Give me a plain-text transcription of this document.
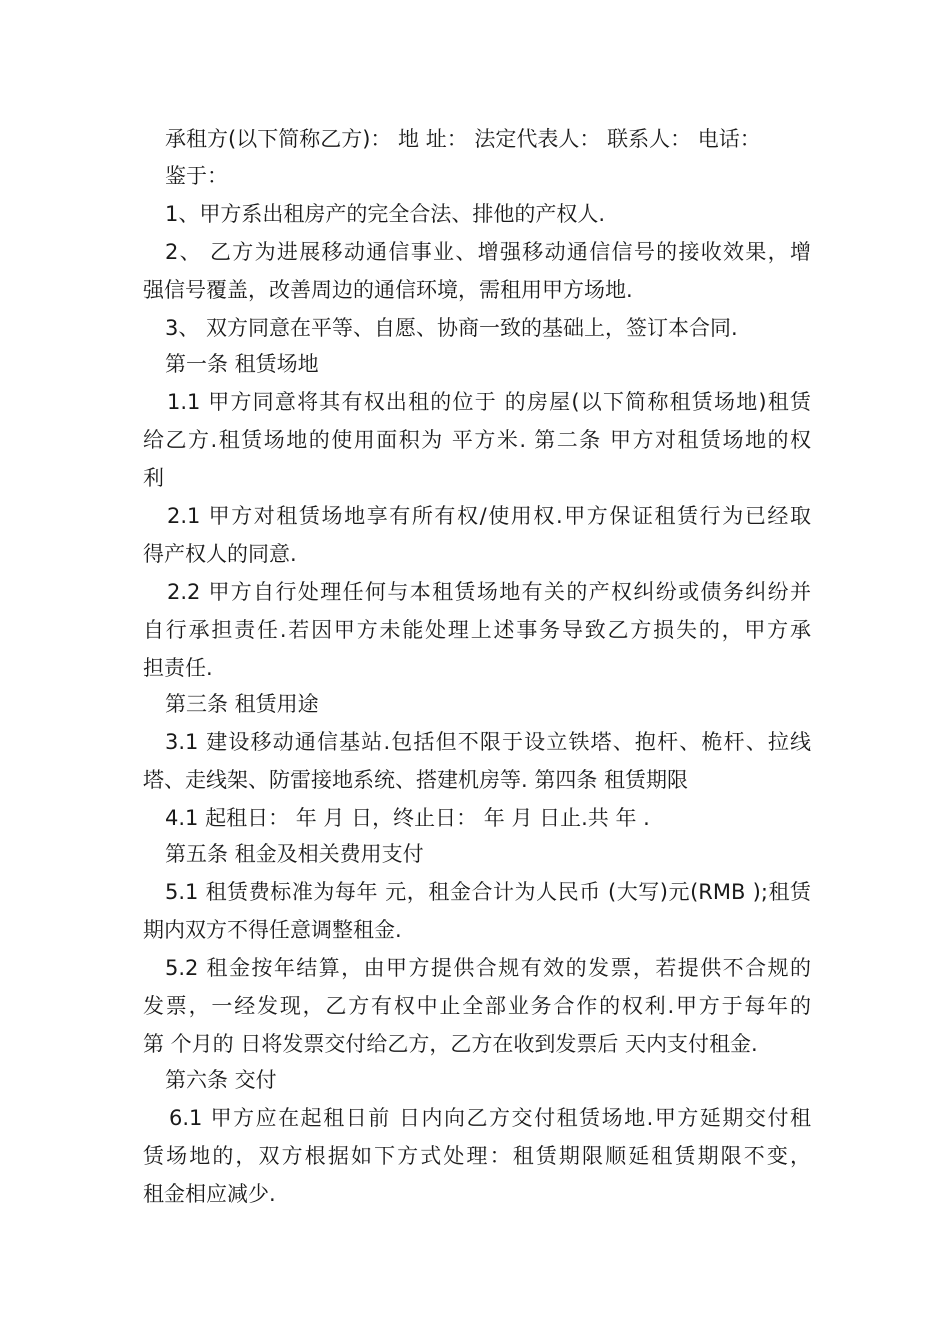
承租方(以下简称乙方)： 地 址： 法定代表人： 联系人： 电话：
鉴于：
1、甲方系出租房产的完全合法、排他的产权人.
2、 乙方为进展移动通信事业、增强移动通信信号的接收效果，增
强信号覆盖，改善周边的通信环境，需租用甲方场地.
3、 双方同意在平等、自愿、协商一致的基础上，签订本合同.
第一条 租赁场地
1.1 甲方同意将其有权出租的位于 的房屋(以下简称租赁场地)租赁
给乙方.租赁场地的使用面积为 平方米. 第二条 甲方对租赁场地的权
利
2.1 甲方对租赁场地享有所有权/使用权.甲方保证租赁行为已经取
得产权人的同意.
2.2 甲方自行处理任何与本租赁场地有关的产权纠纷或债务纠纷并
自行承担责任.若因甲方未能处理上述事务导致乙方损失的，甲方承
担责任.
第三条 租赁用途
3.1 建设移动通信基站.包括但不限于设立铁塔、抱杆、桅杆、拉线
塔、走线架、防雷接地系统、搭建机房等. 第四条 租赁期限
4.1 起租日： 年 月 日，终止日： 年 月 日止.共 年 .
第五条 租金及相关费用支付
5.1 租赁费标准为每年 元，租金合计为人民币 (大写)元(RMB );租赁
期内双方不得任意调整租金.
5.2 租金按年结算，由甲方提供合规有效的发票，若提供不合规的
发票，一经发现，乙方有权中止全部业务合作的权利.甲方于每年的
第 个月的 日将发票交付给乙方，乙方在收到发票后 天内支付租金.
第六条 交付
6.1 甲方应在起租日前 日内向乙方交付租赁场地.甲方延期交付租
赁场地的，双方根据如下方式处理：租赁期限顺延租赁期限不变，
租金相应减少.
